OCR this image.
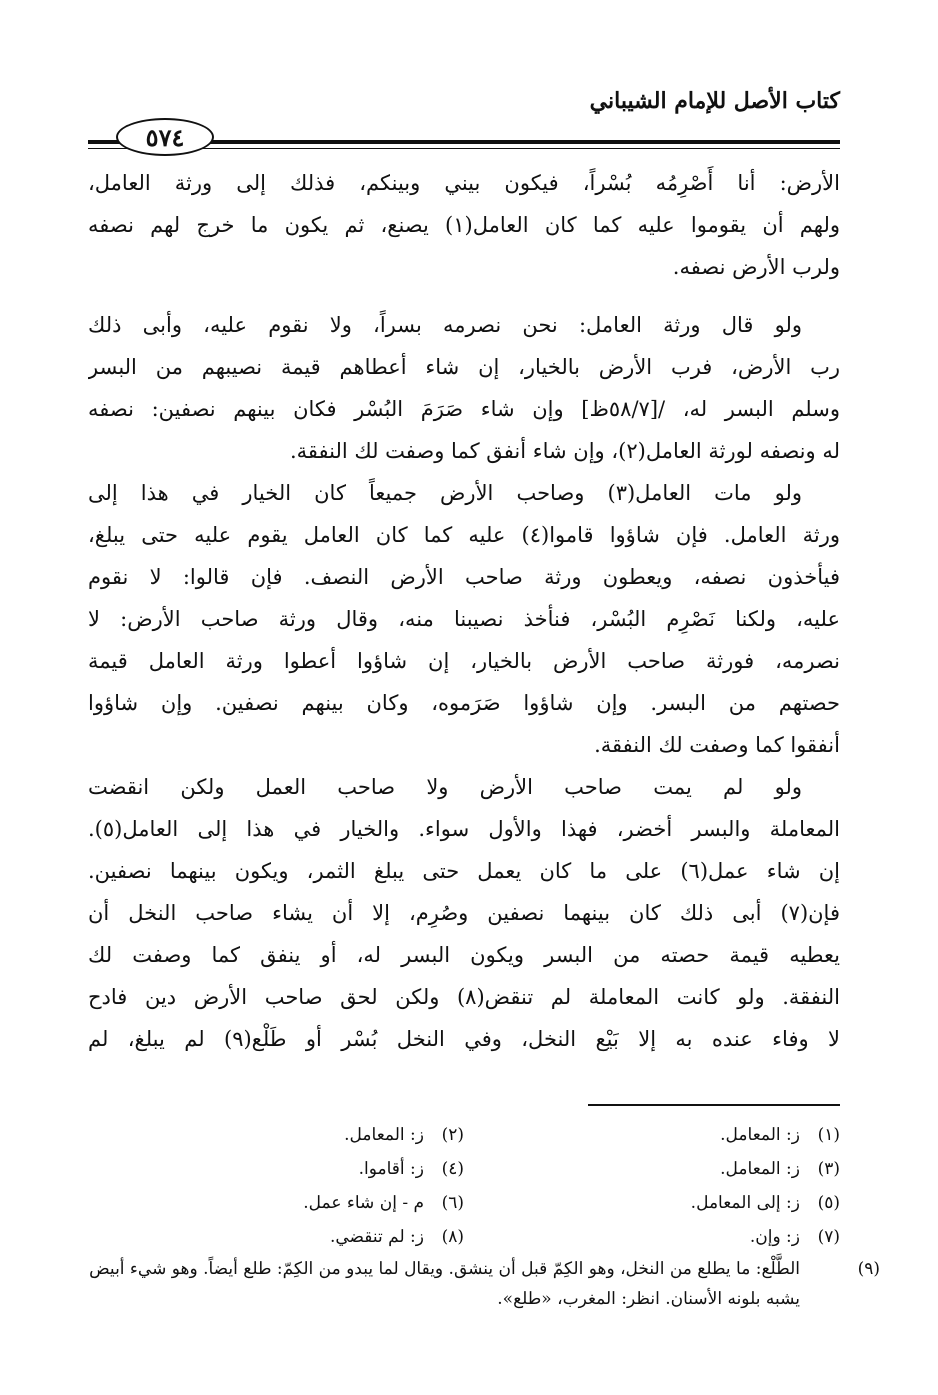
كتاب الأصل للإمام الشيباني
٥٧٤
الأرض: أنا أَصْرِمُه بُسْراً، فيكون بيني وبينكم، فذلك إلى ورثة العامل،
ولهم أن يقوموا عليه كما كان العامل(١) يصنع، ثم يكون ما خرج لهم نصفه
ولرب الأرض نصفه.
ولو قال ورثة العامل: نحن نصرمه بسراً، ولا نقوم عليه، وأبى ذلك
رب الأرض، فرب الأرض بالخيار، إن شاء أعطاهم قيمة نصيبهم من البسر
وسلم البسر له، /[٥٨/٧ظ] وإن شاء صَرَمَ البُسْر فكان بينهم نصفين: نصفه
له ونصفه لورثة العامل(٢)، وإن شاء أنفق كما وصفت لك النفقة.
ولو مات العامل(٣) وصاحب الأرض جميعاً كان الخيار في هذا إلى
ورثة العامل. فإن شاؤوا قاموا(٤) عليه كما كان العامل يقوم عليه حتى يبلغ،
فيأخذون نصفه، ويعطون ورثة صاحب الأرض النصف. فإن قالوا: لا نقوم
عليه، ولكنا نَصْرِم البُسْر، فنأخذ نصيبنا منه، وقال ورثة صاحب الأرض: لا
نصرمه، فورثة صاحب الأرض بالخيار، إن شاؤوا أعطوا ورثة العامل قيمة
حصتهم من البسر. وإن شاؤوا صَرَموه، وكان بينهم نصفين. وإن شاؤوا
أنفقوا كما وصفت لك النفقة.
ولو لم يمت صاحب الأرض ولا صاحب العمل ولكن انقضت
المعاملة والبسر أخضر، فهذا والأول سواء. والخيار في هذا إلى العامل(٥).
إن شاء عمل(٦) على ما كان يعمل حتى يبلغ الثمر، ويكون بينهما نصفين.
فإن(٧) أبى ذلك كان بينهما نصفين وصُرِم، إلا أن يشاء صاحب النخل أن
يعطيه قيمة حصته من البسر ويكون البسر له، أو ينفق كما وصفت لك
النفقة. ولو كانت المعاملة لم تنقض(٨) ولكن لحق صاحب الأرض دين فادح
لا وفاء عنده به إلا بَيْع النخل، وفي النخل بُسْر أو طَلْع(٩) لم يبلغ، لم
(١)ز: المعامل.
(٢)ز: المعامل.
(٣)ز: المعامل.
(٤)ز: أقاموا.
(٥)ز: إلى المعامل.
(٦)م - إن شاء عمل.
(٧)ز: وإن.
(٨)ز: لم تنقضي.
(٩)الطَّلْع: ما يطلع من النخل، وهو الكِمّ قبل أن ينشق. ويقال لما يبدو من الكِمّ: طلع أيضاً. وهو شيء أبيض يشبه بلونه الأسنان. انظر: المغرب، «طلع».
